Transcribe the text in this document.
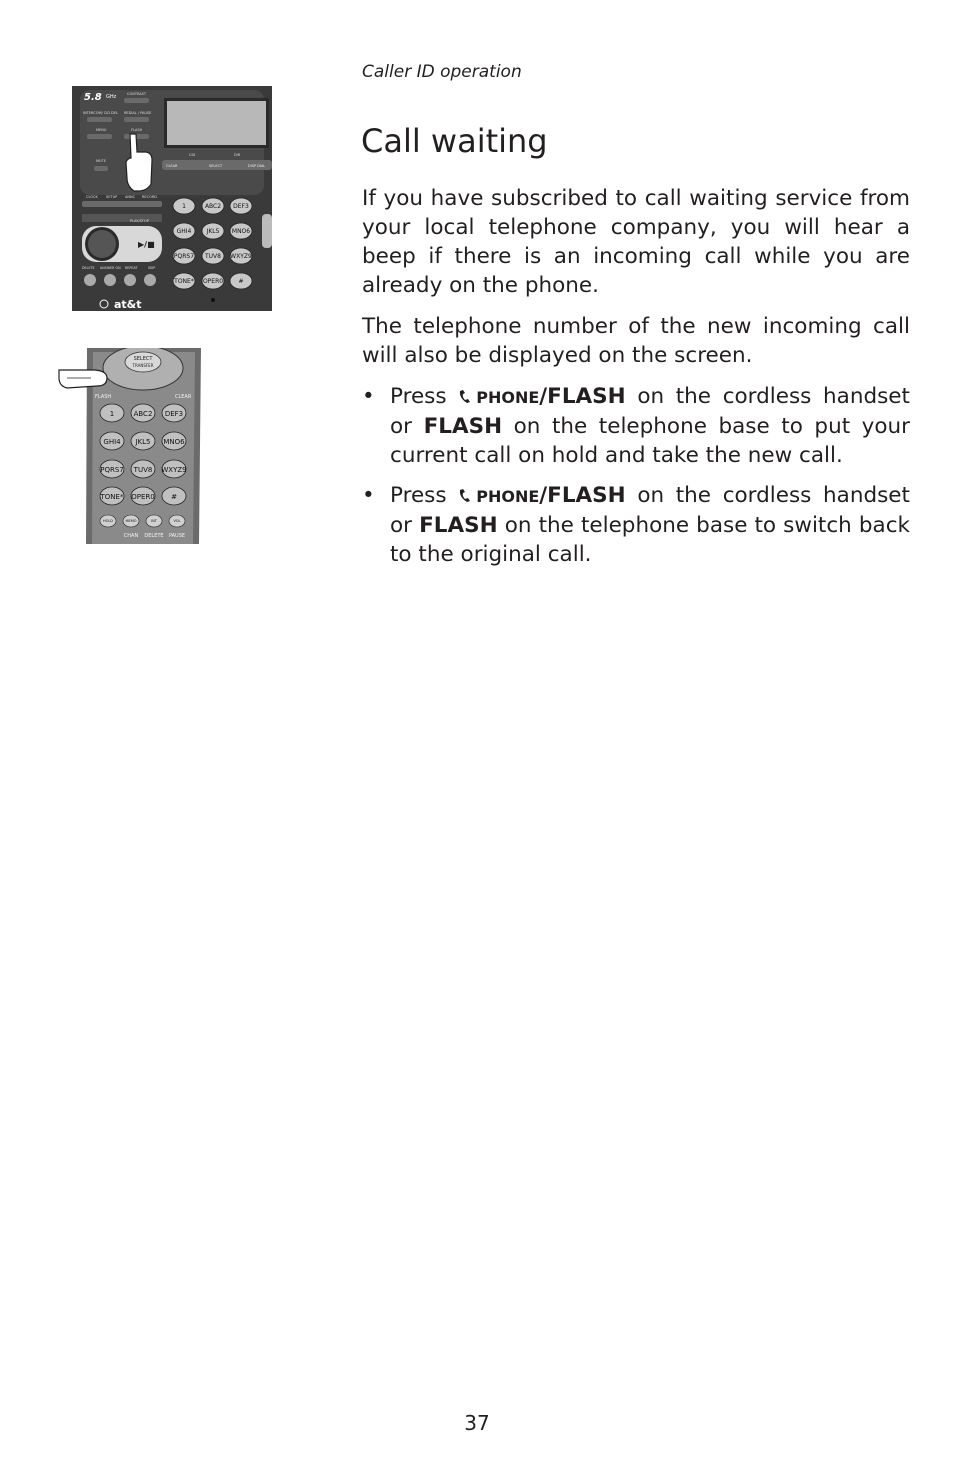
Caller ID operation
Call waiting
5.8 GHz	CONTRAST
INTERCOM/ CID DEL REDIAL / PAUSE
MENU	FLASH
MUTE
CID	DIR
CLEAR	SELECT	DISP DIAL
CLOCK SETUP ANNC RECORD
PLAY/STOP
▶/■
DELETE ANSWER ON REPEAT	SKIP
at&t
1	ABC2 DEF3
GHI4	JKL5 MNO6
PQRS7 TUV8 WXYZ9
TONE* OPER0	#
SELECT
TRANSFER
FLASH	CLEAR
1	ABC2 DEF3
GHI4 JKL5 MNO6
PQRS7 TUV8 WXYZ9
TONE* OPER0 #
HOLD	MEMO	INT	VOL
CHAN DELETE PAUSE

If you have subscribed to call waiting service from your local telephone company, you will hear a beep if there is an incoming call while you are already on the phone.

The telephone number of the new incoming call will also be displayed on the screen.

• Press PHONE/FLASH on the cordless handset or FLASH on the telephone base to put your current call on hold and take the new call.
• Press PHONE/FLASH on the cordless handset or FLASH on the telephone base to switch back to the original call.
37
